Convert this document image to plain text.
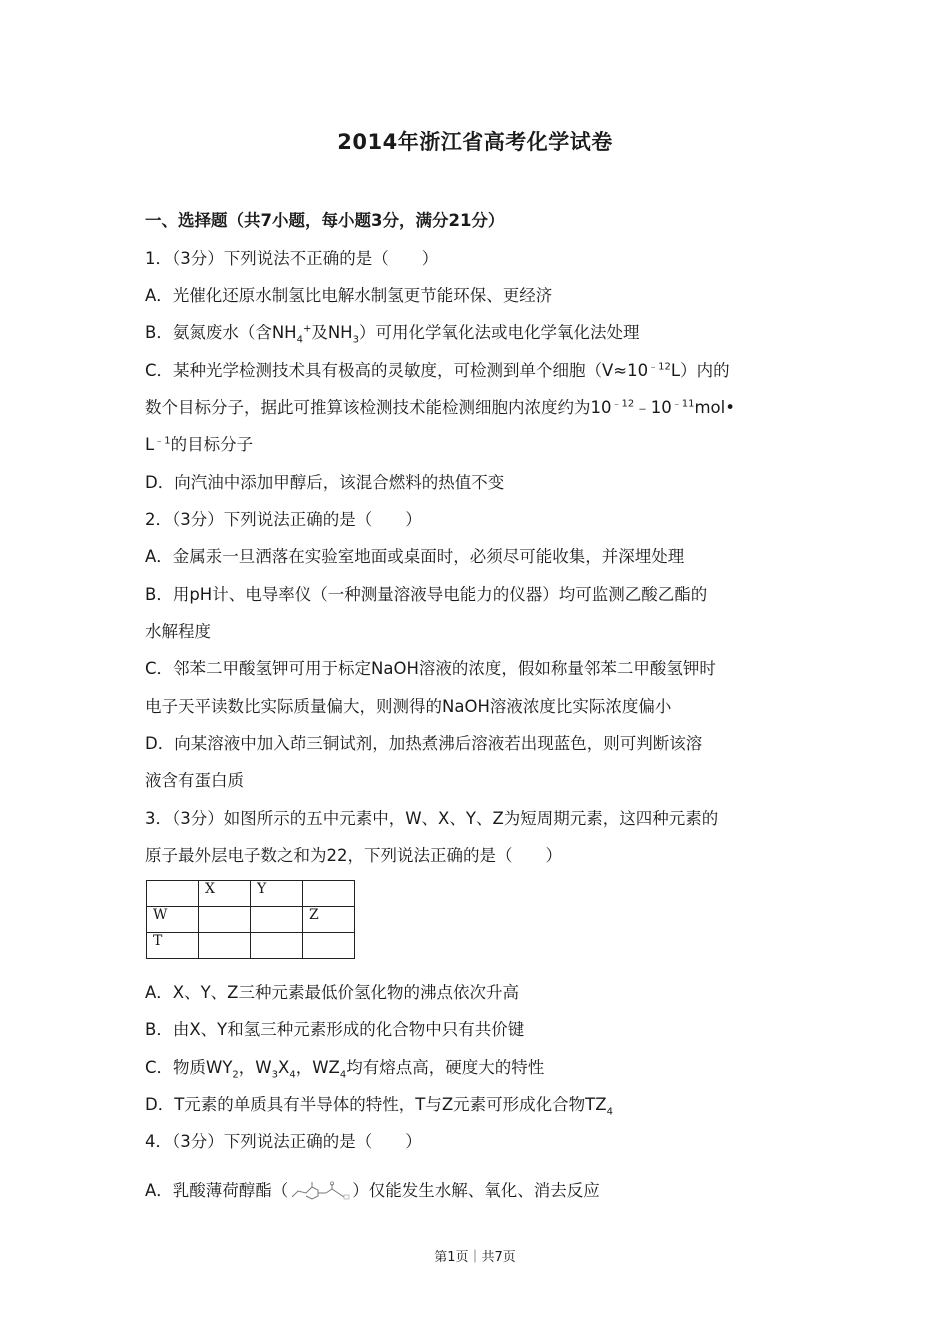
2014年浙江省高考化学试卷
一、选择题（共7小题，每小题3分，满分21分）
1．（3分）下列说法不正确的是（　　）
A．光催化还原水制氢比电解水制氢更节能环保、更经济
B．氨氮废水（含$NH_4^+$及$NH_3$）可用化学氧化法或电化学氧化法处理
C．某种光学检测技术具有极高的灵敏度，可检测到单个细胞$(V\approx 10^{﹣12}L)$内的
数个目标分子，据此可推算该检测技术能检测细胞内浓度约为$10^{﹣12}﹣10^{﹣11}mol•$
$L^{﹣1}$的目标分子
D．向汽油中添加甲醇后，该混合燃料的热值不变
2．（3分）下列说法正确的是（　　）
A．金属汞一旦洒落在实验室地面或桌面时，必须尽可能收集，并深埋处理
B．用pH计、电导率仪（一种测量溶液导电能力的仪器）均可监测乙酸乙酯的
水解程度
C．邻苯二甲酸氢钾可用于标定NaOH溶液的浓度，假如称量邻苯二甲酸氢钾时
电子天平读数比实际质量偏大，则测得的NaOH溶液浓度比实际浓度偏小
D．向某溶液中加入茚三铜试剂，加热煮沸后溶液若出现蓝色，则可判断该溶
液含有蛋白质
3．（3分）如图所示的五中元素中，W、X、Y、Z为短周期元素，这四种元素的
原子最外层电子数之和为22，下列说法正确的是（　　）
	X	Y	
W			Z
T			
A．X、Y、Z三种元素最低价氢化物的沸点依次升高
B．由X、Y和氢三种元素形成的化合物中只有共价键
C．物质$WY_2$，$W_3X_4$，$WZ_4$均有熔点高，硬度大的特性
D．T元素的单质具有半导体的特性，T与Z元素可形成化合物$TZ_4$
4．（3分）下列说法正确的是（　　）
A．乳酸薄荷醇酯（	）仅能发生水解、氧化、消去反应
第1页｜共7页
